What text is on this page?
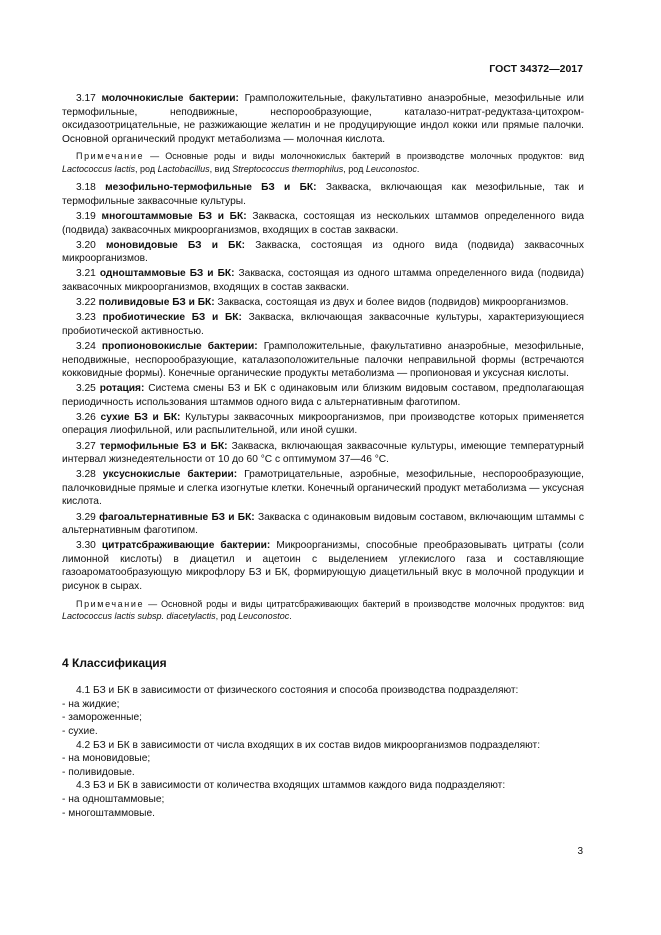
ГОСТ 34372—2017

3.17 молочнокислые бактерии: Грамположительные, факультативно анаэробные, мезофильные или термофильные, неподвижные, неспорообразующие, каталазо-нитрат-редуктаза-цитохром-оксидазоотрицательные, не разжижающие желатин и не продуцирующие индол кокки или прямые палочки. Основной органический продукт метаболизма — молочная кислота.

Примечание — Основные роды и виды молочнокислых бактерий в производстве молочных продуктов: вид Lactococcus lactis, род Lactobacillus, вид Streptococcus thermophilus, род Leuconostoc.

3.18 мезофильно-термофильные БЗ и БК: Закваска, включающая как мезофильные, так и термофильные заквасочные культуры.

3.19 многоштаммовые БЗ и БК: Закваска, состоящая из нескольких штаммов определенного вида (подвида) заквасочных микроорганизмов, входящих в состав закваски.

3.20 моновидовые БЗ и БК: Закваска, состоящая из одного вида (подвида) заквасочных микроорганизмов.

3.21 одноштаммовые БЗ и БК: Закваска, состоящая из одного штамма определенного вида (подвида) заквасочных микроорганизмов, входящих в состав закваски.

3.22 поливидовые БЗ и БК: Закваска, состоящая из двух и более видов (подвидов) микроорганизмов.

3.23 пробиотические БЗ и БК: Закваска, включающая заквасочные культуры, характеризующиеся пробиотической активностью.

3.24 пропионовокислые бактерии: Грамположительные, факультативно анаэробные, мезофильные, неподвижные, неспорообразующие, каталазоположительные палочки неправильной формы (встречаются кокковидные формы). Конечные органические продукты метаболизма — пропионовая и уксусная кислоты.

3.25 ротация: Система смены БЗ и БК с одинаковым или близким видовым составом, предполагающая периодичность использования штаммов одного вида с альтернативным фаготипом.

3.26 сухие БЗ и БК: Культуры заквасочных микроорганизмов, при производстве которых применяется операция лиофильной, или распылительной, или иной сушки.

3.27 термофильные БЗ и БК: Закваска, включающая заквасочные культуры, имеющие температурный интервал жизнедеятельности от 10 до 60 °С с оптимумом 37—46 °С.

3.28 уксуснокислые бактерии: Грамотрицательные, аэробные, мезофильные, неспорообразующие, палочковидные прямые и слегка изогнутые клетки. Конечный органический продукт метаболизма — уксусная кислота.

3.29 фагоальтернативные БЗ и БК: Закваска с одинаковым видовым составом, включающим штаммы с альтернативным фаготипом.

3.30 цитратсбраживающие бактерии: Микроорганизмы, способные преобразовывать цитраты (соли лимонной кислоты) в диацетил и ацетоин с выделением углекислого газа и составляющие газоароматообразующую микрофлору БЗ и БК, формирующую диацетильный вкус в молочной продукции и рисунок в сырах.

Примечание — Основной роды и виды цитратсбраживающих бактерий в производстве молочных продуктов: вид Lactococcus lactis subsp. diacetylactis, род Leuconostoc.

4 Классификация

4.1 БЗ и БК в зависимости от физического состояния и способа производства подразделяют:

- на жидкие;

- замороженные;

- сухие.

4.2 БЗ и БК в зависимости от числа входящих в их состав видов микроорганизмов подразделяют:

- на моновидовые;

- поливидовые.

4.3 БЗ и БК в зависимости от количества входящих штаммов каждого вида подразделяют:

- на одноштаммовые;

- многоштаммовые.

3
